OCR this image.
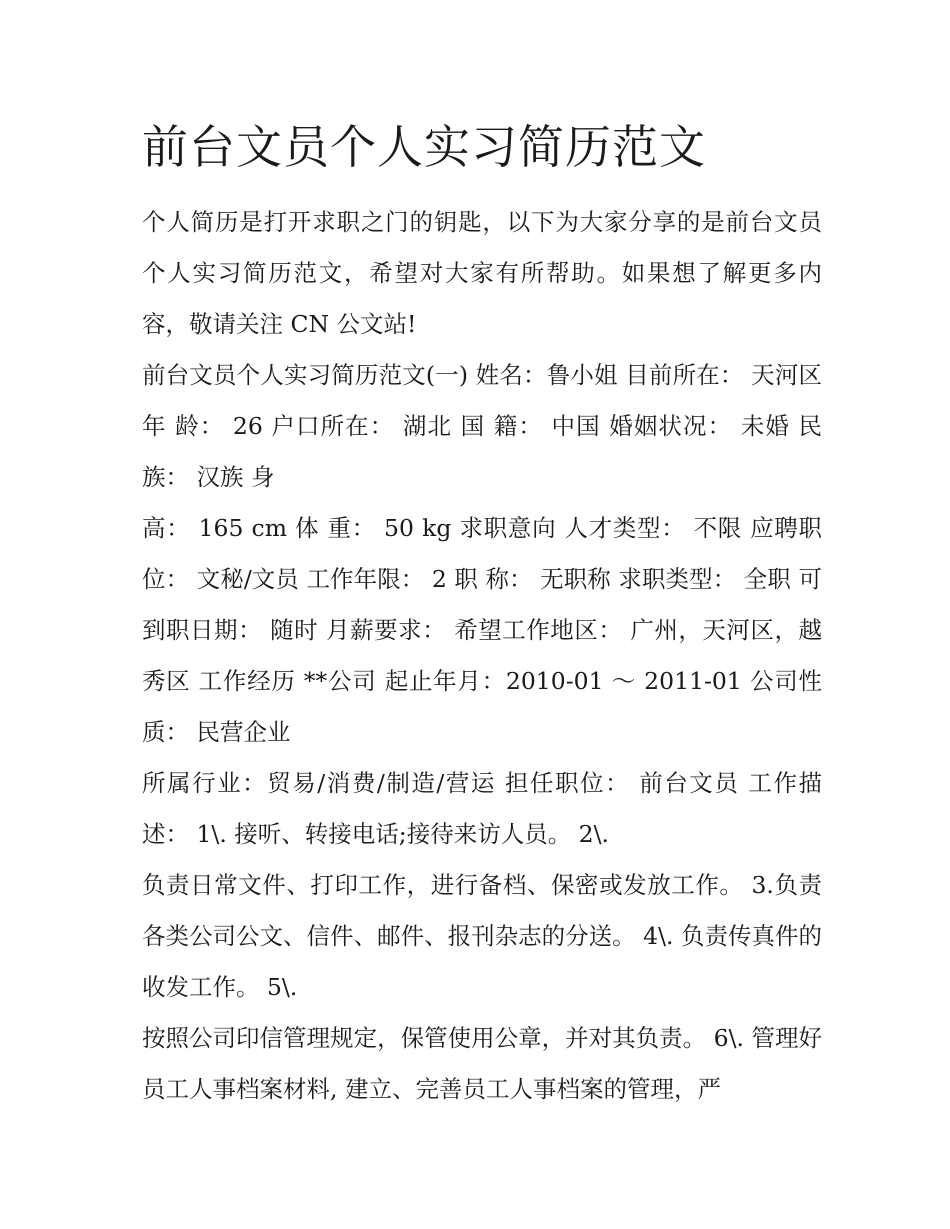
前台文员个人实习简历范文

个人简历是打开求职之门的钥匙，以下为大家分享的是前台文员个人实习简历范文，希望对大家有所帮助。如果想了解更多内容，敬请关注 CN 公文站!

前台文员个人实习简历范文(一) 姓名：鲁小姐 目前所在： 天河区 年 龄： 26 户口所在： 湖北 国 籍： 中国 婚姻状况： 未婚 民 族： 汉族 身

高： 165 cm 体 重： 50 kg 求职意向 人才类型： 不限 应聘职位： 文秘/文员 工作年限： 2 职 称： 无职称 求职类型： 全职 可到职日期： 随时 月薪要求： 希望工作地区： 广州，天河区，越秀区 工作经历 **公司 起止年月：2010-01 ～ 2011-01 公司性质： 民营企业

所属行业：贸易/消费/制造/营运 担任职位： 前台文员 工作描述： 1\. 接听、转接电话;接待来访人员。 2\.

负责日常文件、打印工作，进行备档、保密或发放工作。 3.负责各类公司公文、信件、邮件、报刊杂志的分送。 4\. 负责传真件的收发工作。 5\.

按照公司印信管理规定，保管使用公章，并对其负责。 6\. 管理好员工人事档案材料, 建立、完善员工人事档案的管理，严
